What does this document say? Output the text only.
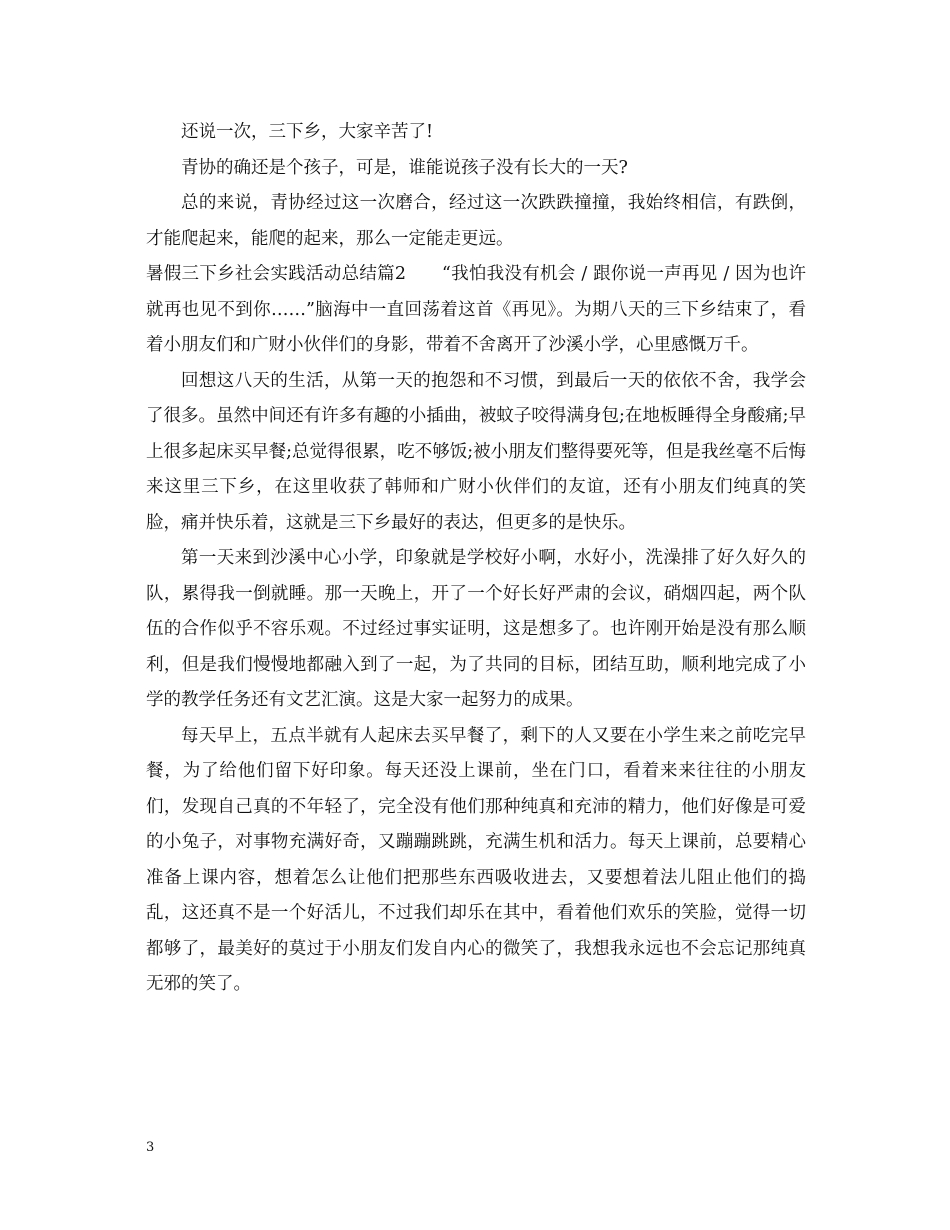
还说一次，三下乡，大家辛苦了!

青协的确还是个孩子，可是，谁能说孩子没有长大的一天?

总的来说，青协经过这一次磨合，经过这一次跌跌撞撞，我始终相信，有跌倒，才能爬起来，能爬的起来，那么一定能走更远。

暑假三下乡社会实践活动总结篇2　　“我怕我没有机会 / 跟你说一声再见 / 因为也许就再也见不到你……”脑海中一直回荡着这首《再见》。为期八天的三下乡结束了，看着小朋友们和广财小伙伴们的身影，带着不舍离开了沙溪小学，心里感慨万千。

回想这八天的生活，从第一天的抱怨和不习惯，到最后一天的依依不舍，我学会了很多。虽然中间还有许多有趣的小插曲，被蚊子咬得满身包;在地板睡得全身酸痛;早上很多起床买早餐;总觉得很累，吃不够饭;被小朋友们整得要死等，但是我丝毫不后悔来这里三下乡，在这里收获了韩师和广财小伙伴们的友谊，还有小朋友们纯真的笑脸，痛并快乐着，这就是三下乡最好的表达，但更多的是快乐。

第一天来到沙溪中心小学，印象就是学校好小啊，水好小，洗澡排了好久好久的队，累得我一倒就睡。那一天晚上，开了一个好长好严肃的会议，硝烟四起，两个队伍的合作似乎不容乐观。不过经过事实证明，这是想多了。也许刚开始是没有那么顺利，但是我们慢慢地都融入到了一起，为了共同的目标，团结互助，顺利地完成了小学的教学任务还有文艺汇演。这是大家一起努力的成果。

每天早上，五点半就有人起床去买早餐了，剩下的人又要在小学生来之前吃完早餐，为了给他们留下好印象。每天还没上课前，坐在门口，看着来来往往的小朋友们，发现自己真的不年轻了，完全没有他们那种纯真和充沛的精力，他们好像是可爱的小兔子，对事物充满好奇，又蹦蹦跳跳，充满生机和活力。每天上课前，总要精心准备上课内容，想着怎么让他们把那些东西吸收进去，又要想着法儿阻止他们的捣乱，这还真不是一个好活儿，不过我们却乐在其中，看着他们欢乐的笑脸，觉得一切都够了，最美好的莫过于小朋友们发自内心的微笑了，我想我永远也不会忘记那纯真无邪的笑了。

3
